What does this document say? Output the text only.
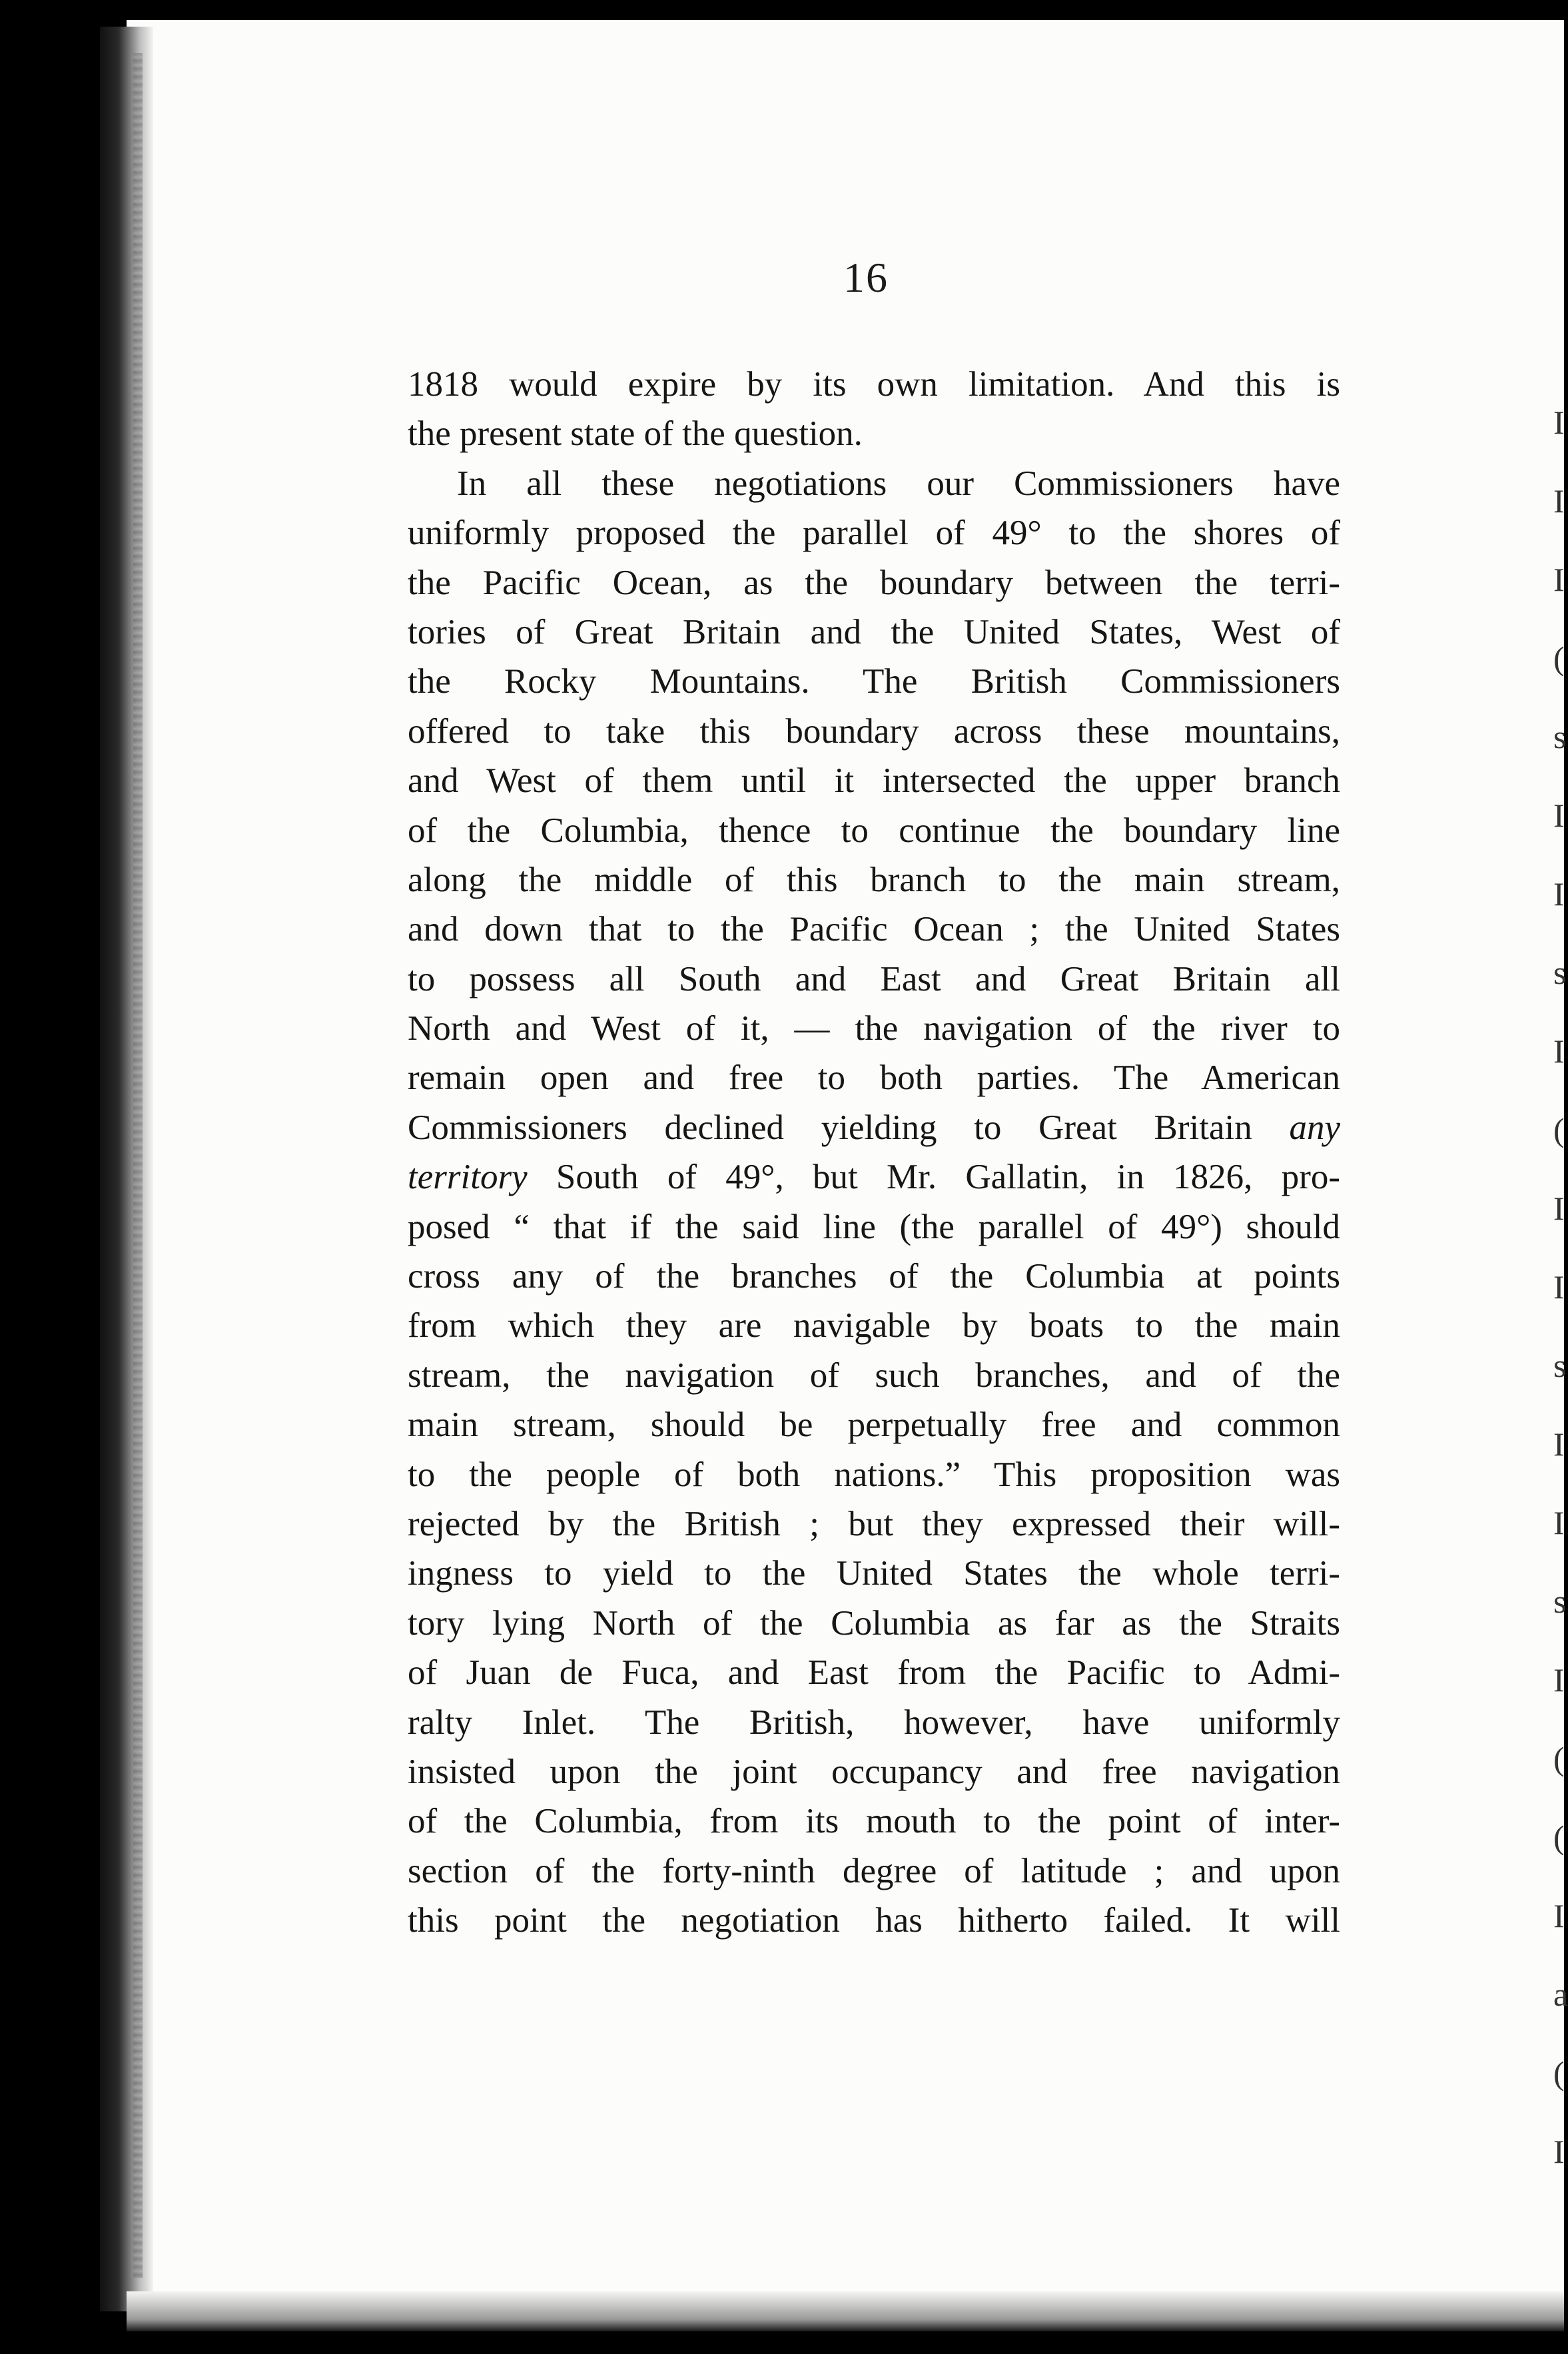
16
1818 would expire by its own limitation. And this is
the present state of the question.
In all these negotiations our Commissioners have
uniformly proposed the parallel of 49° to the shores of
the Pacific Ocean, as the boundary between the terri-
tories of Great Britain and the United States, West of
the Rocky Mountains. The British Commissioners
offered to take this boundary across these mountains,
and West of them until it intersected the upper branch
of the Columbia, thence to continue the boundary line
along the middle of this branch to the main stream,
and down that to the Pacific Ocean ; the United States
to possess all South and East and Great Britain all
North and West of it, — the navigation of the river to
remain open and free to both parties. The American
Commissioners declined yielding to Great Britain any
territory South of 49°, but Mr. Gallatin, in 1826, pro-
posed “ that if the said line (the parallel of 49°) should
cross any of the branches of the Columbia at points
from which they are navigable by boats to the main
stream, the navigation of such branches, and of the
main stream, should be perpetually free and common
to the people of both nations.” This proposition was
rejected by the British ; but they expressed their will-
ingness to yield to the United States the whole terri-
tory lying North of the Columbia as far as the Straits
of Juan de Fuca, and East from the Pacific to Admi-
ralty Inlet. The British, however, have uniformly
insisted upon the joint occupancy and free navigation
of the Columbia, from its mouth to the point of inter-
section of the forty-ninth degree of latitude ; and upon
this point the negotiation has hitherto failed. It will
I
I
I
(
s
I
I
s
I
(
I
I
s
I
I
s
I
(
(
I
a
(
I
